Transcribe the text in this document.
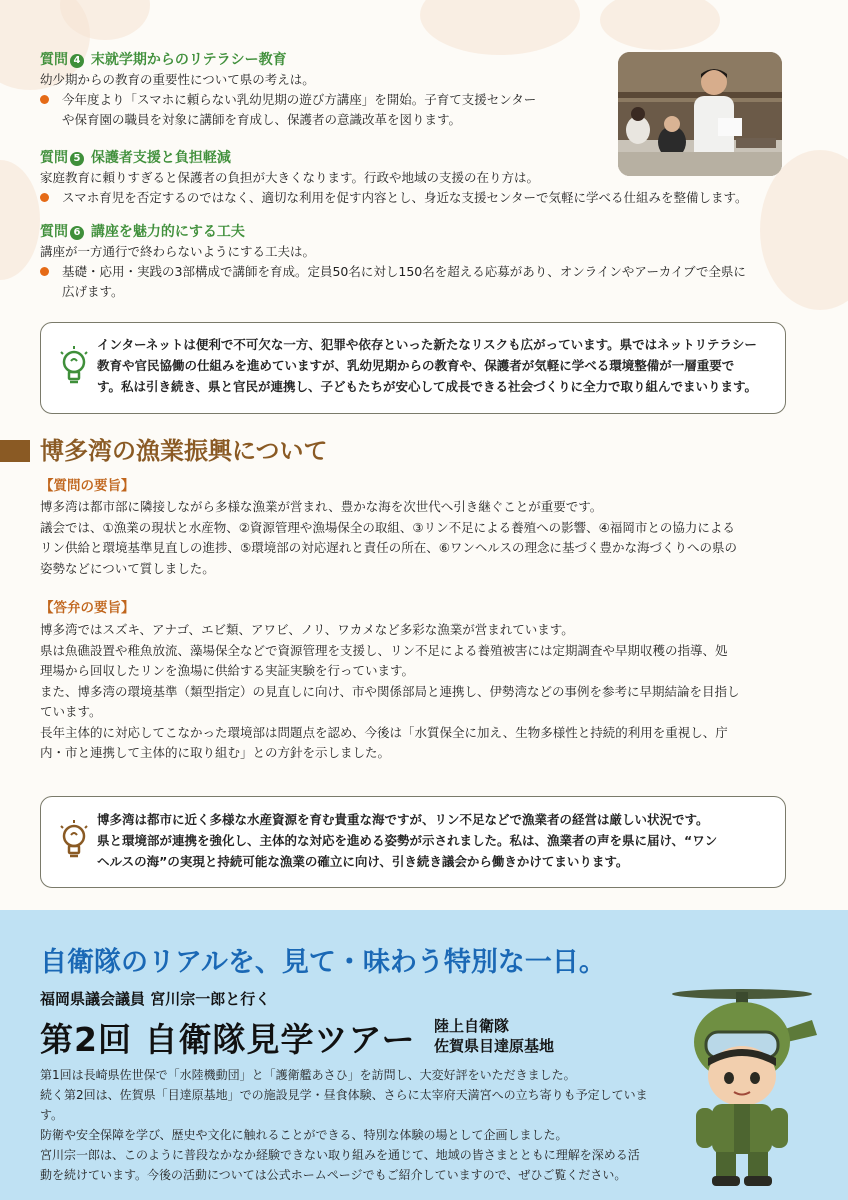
質問 4 末就学期からのリテラシー教育
幼少期からの教育の重要性について県の考えは。
今年度より「スマホに頼らない乳幼児期の遊び方講座」を開始。子育て支援センター
や保育園の職員を対象に講師を育成し、保護者の意識改革を図ります。
質問 5 保護者支援と負担軽減
家庭教育に頼りすぎると保護者の負担が大きくなります。行政や地域の支援の在り方は。
スマホ育児を否定するのではなく、適切な利用を促す内容とし、身近な支援センターで気軽に学べる仕組みを整備します。
質問 6 講座を魅力的にする工夫
講座が一方通行で終わらないようにする工夫は。
基礎・応用・実践の3部構成で講師を育成。定員50名に対し150名を超える応募があり、オンラインやアーカイブで全県に
広げます。
インターネットは便利で不可欠な一方、犯罪や依存といった新たなリスクも広がっています。県ではネットリテラシー
教育や官民協働の仕組みを進めていますが、乳幼児期からの教育や、保護者が気軽に学べる環境整備が一層重要で
す。私は引き続き、県と官民が連携し、子どもたちが安心して成長できる社会づくりに全力で取り組んでまいります。
博多湾の漁業振興について
【質問の要旨】
博多湾は都市部に隣接しながら多様な漁業が営まれ、豊かな海を次世代へ引き継ぐことが重要です。
議会では、①漁業の現状と水産物、②資源管理や漁場保全の取組、③リン不足による養殖への影響、④福岡市との協力による
リン供給と環境基準見直しの進捗、⑤環境部の対応遅れと責任の所在、⑥ワンヘルスの理念に基づく豊かな海づくりへの県の
姿勢などについて質しました。
【答弁の要旨】
博多湾ではスズキ、アナゴ、エビ類、アワビ、ノリ、ワカメなど多彩な漁業が営まれています。
県は魚礁設置や稚魚放流、藻場保全などで資源管理を支援し、リン不足による養殖被害には定期調査や早期収穫の指導、処
理場から回収したリンを漁場に供給する実証実験を行っています。
また、博多湾の環境基準（類型指定）の見直しに向け、市や関係部局と連携し、伊勢湾などの事例を参考に早期結論を目指し
ています。
長年主体的に対応してこなかった環境部は問題点を認め、今後は「水質保全に加え、生物多様性と持続的利用を重視し、庁
内・市と連携して主体的に取り組む」との方針を示しました。
博多湾は都市に近く多様な水産資源を育む貴重な海ですが、リン不足などで漁業者の経営は厳しい状況です。
県と環境部が連携を強化し、主体的な対応を進める姿勢が示されました。私は、漁業者の声を県に届け、“ワン
ヘルスの海”の実現と持続可能な漁業の確立に向け、引き続き議会から働きかけてまいります。
自衛隊のリアルを、見て・味わう特別な一日。
福岡県議会議員 宮川宗一郎と行く
第2回 自衛隊見学ツアー 陸上自衛隊
佐賀県目達原基地
第1回は長崎県佐世保で「水陸機動団」と「護衛艦あさひ」を訪問し、大変好評をいただきました。
続く第2回は、佐賀県「目達原基地」での施設見学・昼食体験、さらに太宰府天満宮への立ち寄りも予定しています。
防衛や安全保障を学び、歴史や文化に触れることができる、特別な体験の場として企画しました。
宮川宗一郎は、このように普段なかなか経験できない取り組みを通じて、地域の皆さまとともに理解を深める活
動を続けています。今後の活動については公式ホームページでもご紹介していますので、ぜひご覧ください。
